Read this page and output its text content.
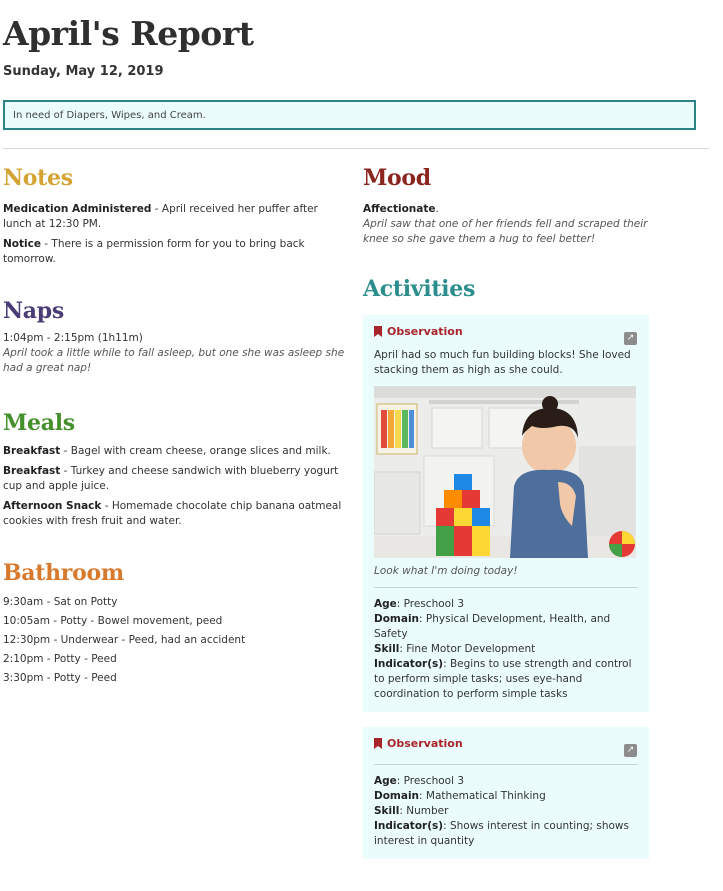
April's Report
Sunday, May 12, 2019
In need of Diapers, Wipes, and Cream.
Notes

Medication Administered - April received her puffer after lunch at 12:30 PM.

Notice - There is a permission form for you to bring back tomorrow.

Naps

1:04pm - 2:15pm (1h11m)

April took a little while to fall asleep, but one she was asleep she had a great nap!

Meals

Breakfast - Bagel with cream cheese, orange slices and milk.

Breakfast - Turkey and cheese sandwich with blueberry yogurt cup and apple juice.

Afternoon Snack - Homemade chocolate chip banana oatmeal cookies with fresh fruit and water.

Bathroom

9:30am - Sat on Potty

10:05am - Potty - Bowel movement, peed

12:30pm - Underwear - Peed, had an accident

2:10pm - Potty - Peed

3:30pm - Potty - Peed

Mood

Affectionate.

April saw that one of her friends fell and scraped their knee so she gave them a hug to feel better!

Activities
Observation	↗

April had so much fun building blocks! She loved stacking them as high as she could.

Look what I'm doing today!

Age: Preschool 3

Domain: Physical Development, Health, and Safety

Skill: Fine Motor Development

Indicator(s): Begins to use strength and control to perform simple tasks; uses eye-hand coordination to perform simple tasks

Observation	↗

Age: Preschool 3

Domain: Mathematical Thinking

Skill: Number

Indicator(s): Shows interest in counting; shows interest in quantity
